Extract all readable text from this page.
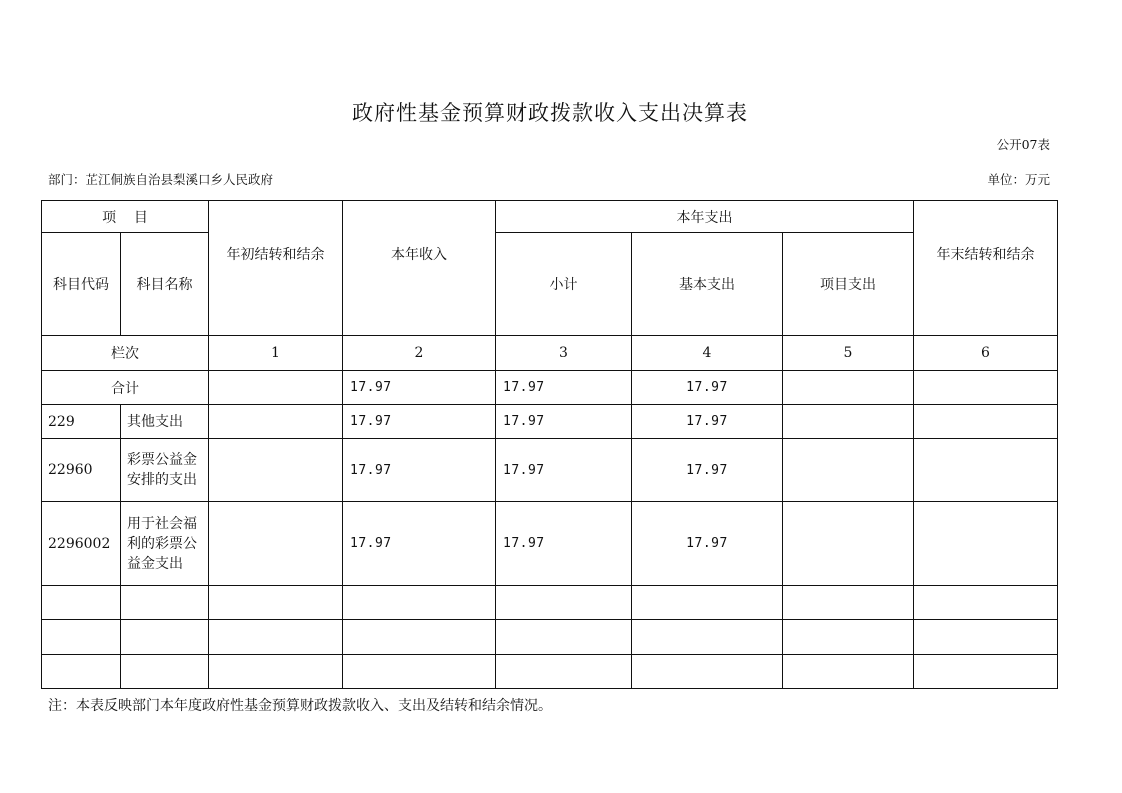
政府性基金预算财政拨款收入支出决算表
公开07表
部门：芷江侗族自治县梨溪口乡人民政府	单位：万元
项    目		年初结转和结余	本年收入	本年支出			年末结转和结余
科目代码	科目名称			小计	基本支出	项目支出	
栏次		1	2	3	4	5	6
合计			17.97	17.97	17.97		
229	其他支出		17.97	17.97	17.97		
22960	彩票公益金安排的支出		17.97	17.97	17.97		
2296002	用于社会福利的彩票公益金支出		17.97	17.97	17.97		

注：本表反映部门本年度政府性基金预算财政拨款收入、支出及结转和结余情况。
